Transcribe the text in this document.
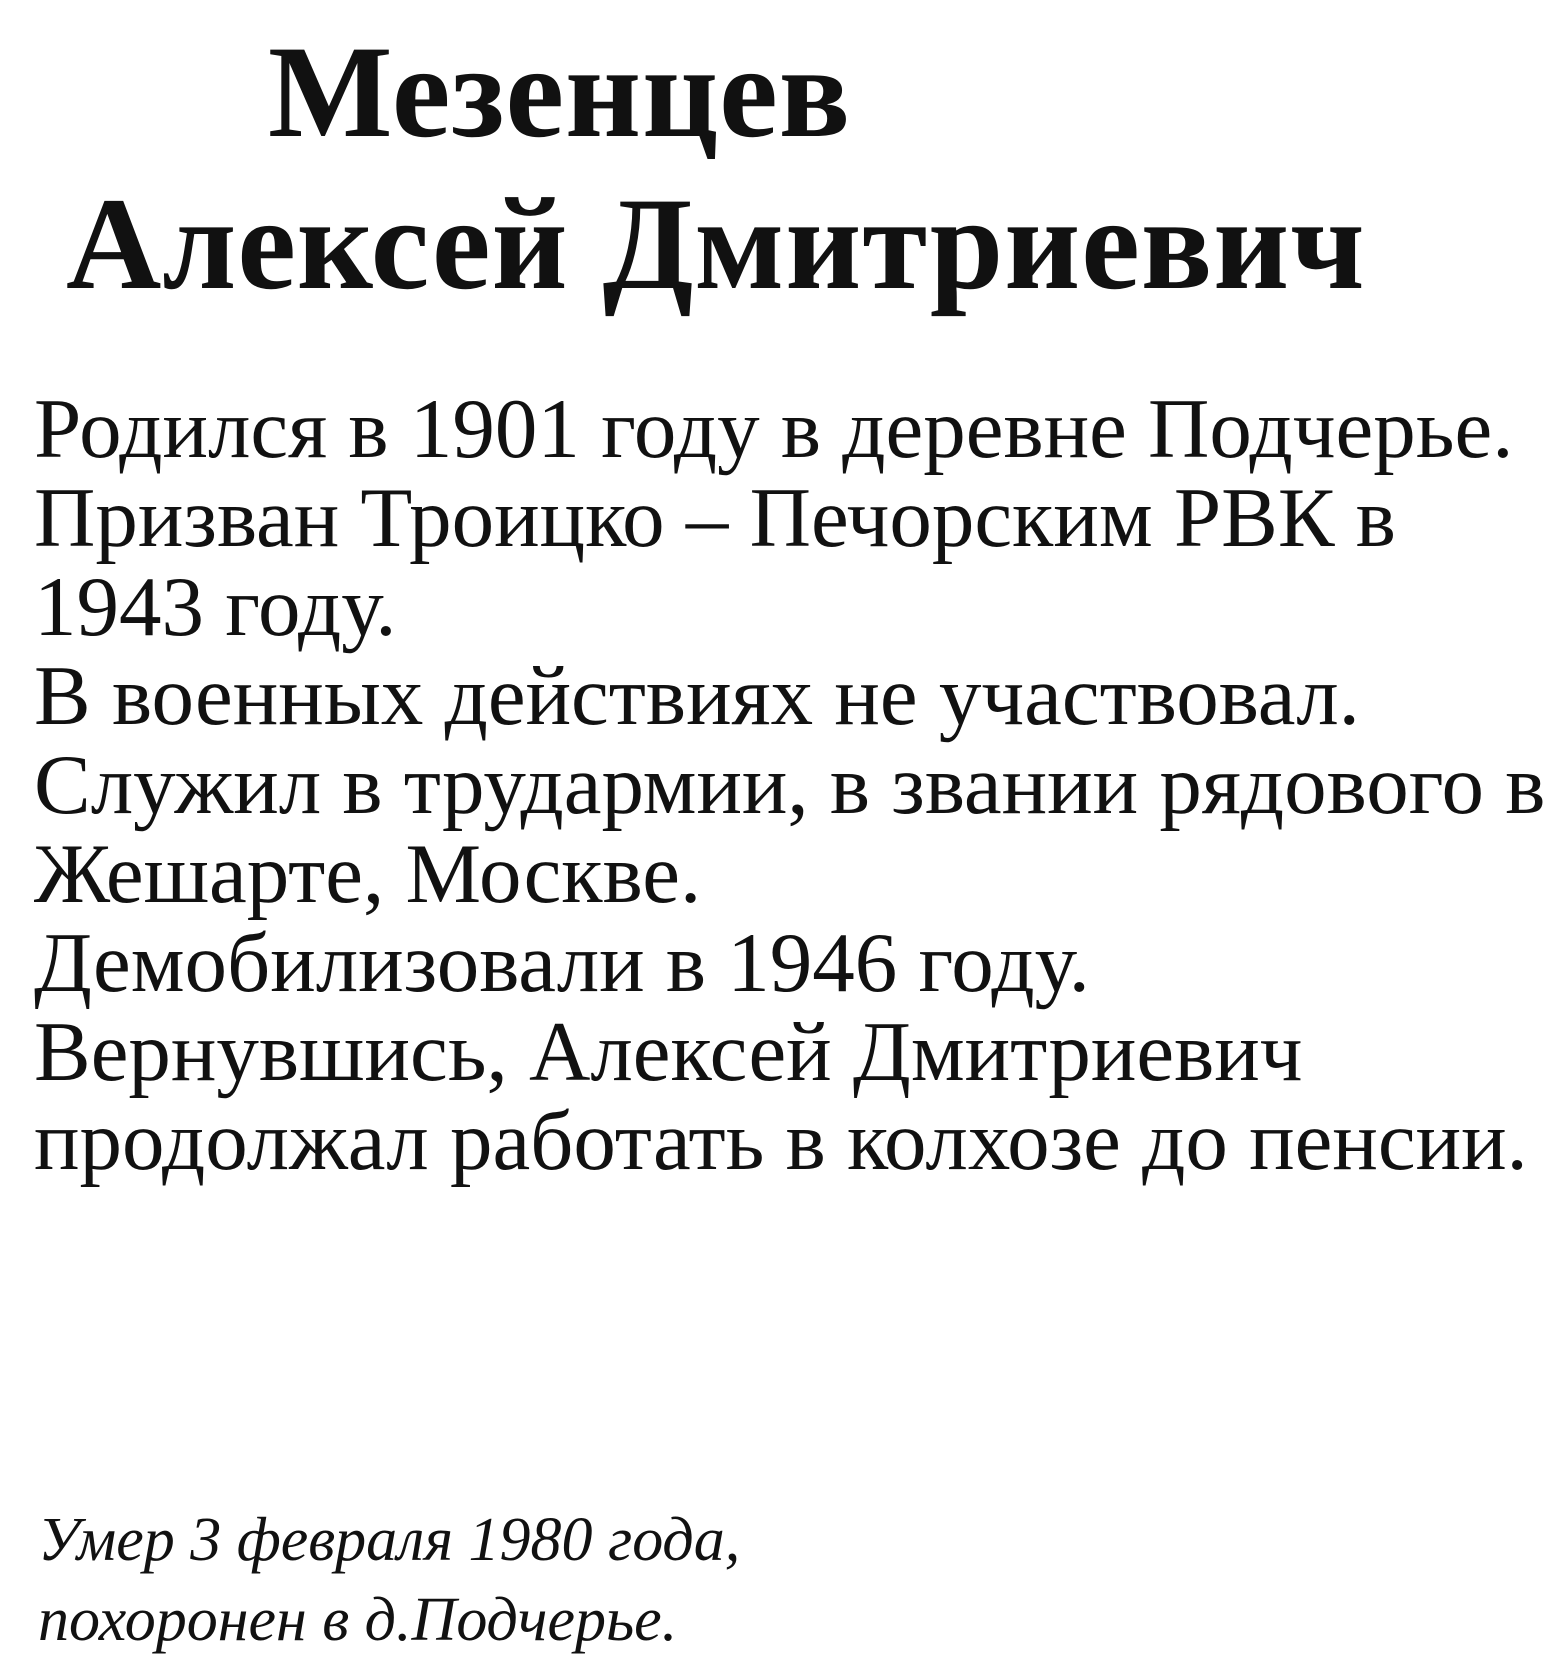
Мезенцев
Алексей Дмитриевич
Родился в 1901 году в деревне Подчерье.
Призван Троицко – Печорским РВК в
1943 году.
В военных действиях не участвовал.
Служил в трудармии, в звании рядового в
Жешарте, Москве.
Демобилизовали в 1946 году.
Вернувшись, Алексей Дмитриевич
продолжал работать в колхозе до пенсии.
Умер 3 февраля 1980 года,
похоронен в д.Подчерье.
